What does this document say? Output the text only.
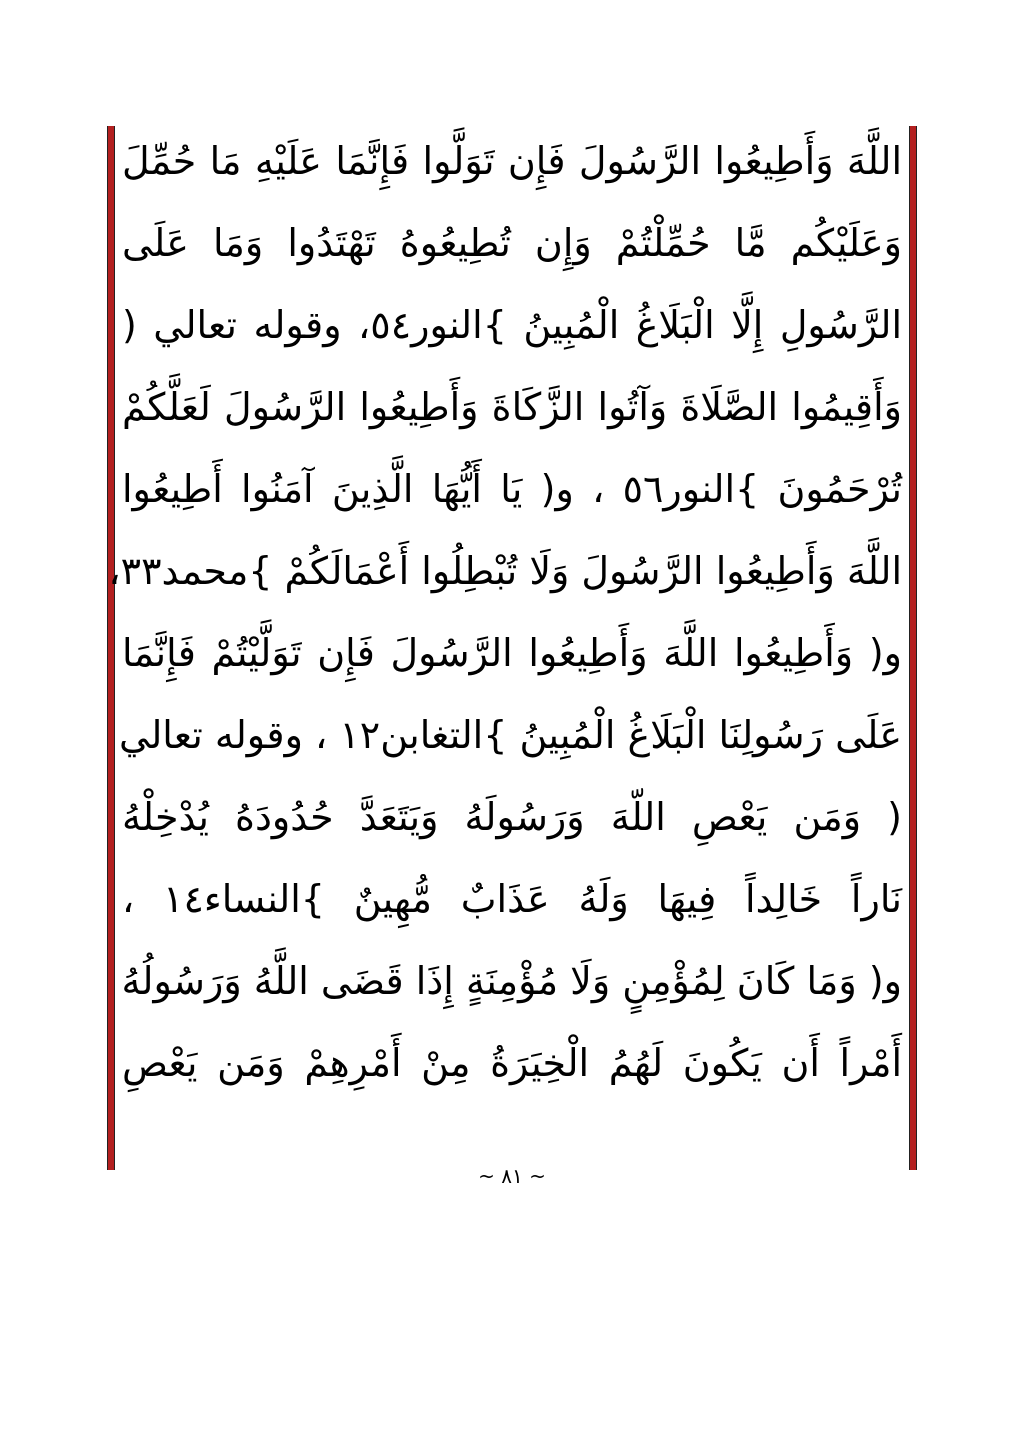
اللَّهَ وَأَطِيعُوا الرَّسُولَ فَإِن تَوَلَّوا فَإِنَّمَا عَلَيْهِ مَا حُمِّلَ
وَعَلَيْكُم مَّا حُمِّلْتُمْ وَإِن تُطِيعُوهُ تَهْتَدُوا وَمَا عَلَى
الرَّسُولِ إِلَّا الْبَلَاغُ الْمُبِينُ }النور٥٤، وقوله تعالي (
وَأَقِيمُوا الصَّلَاةَ وَآتُوا الزَّكَاةَ وَأَطِيعُوا الرَّسُولَ لَعَلَّكُمْ
تُرْحَمُونَ }النور٥٦ ، و( يَا أَيُّهَا الَّذِينَ آمَنُوا أَطِيعُوا
اللَّهَ وَأَطِيعُوا الرَّسُولَ وَلَا تُبْطِلُوا أَعْمَالَكُمْ }محمد٣٣،
و( وَأَطِيعُوا اللَّهَ وَأَطِيعُوا الرَّسُولَ فَإِن تَوَلَّيْتُمْ فَإِنَّمَا
عَلَى رَسُولِنَا الْبَلَاغُ الْمُبِينُ }التغابن١٢ ، وقوله تعالي
( وَمَن يَعْصِ اللّهَ وَرَسُولَهُ وَيَتَعَدَّ حُدُودَهُ يُدْخِلْهُ
نَاراً خَالِداً فِيهَا وَلَهُ عَذَابٌ مُّهِينٌ }النساء١٤ ،
و( وَمَا كَانَ لِمُؤْمِنٍ وَلَا مُؤْمِنَةٍ إِذَا قَضَى اللَّهُ وَرَسُولُهُ
أَمْراً أَن يَكُونَ لَهُمُ الْخِيَرَةُ مِنْ أَمْرِهِمْ وَمَن يَعْصِ
~ ٨١ ~
